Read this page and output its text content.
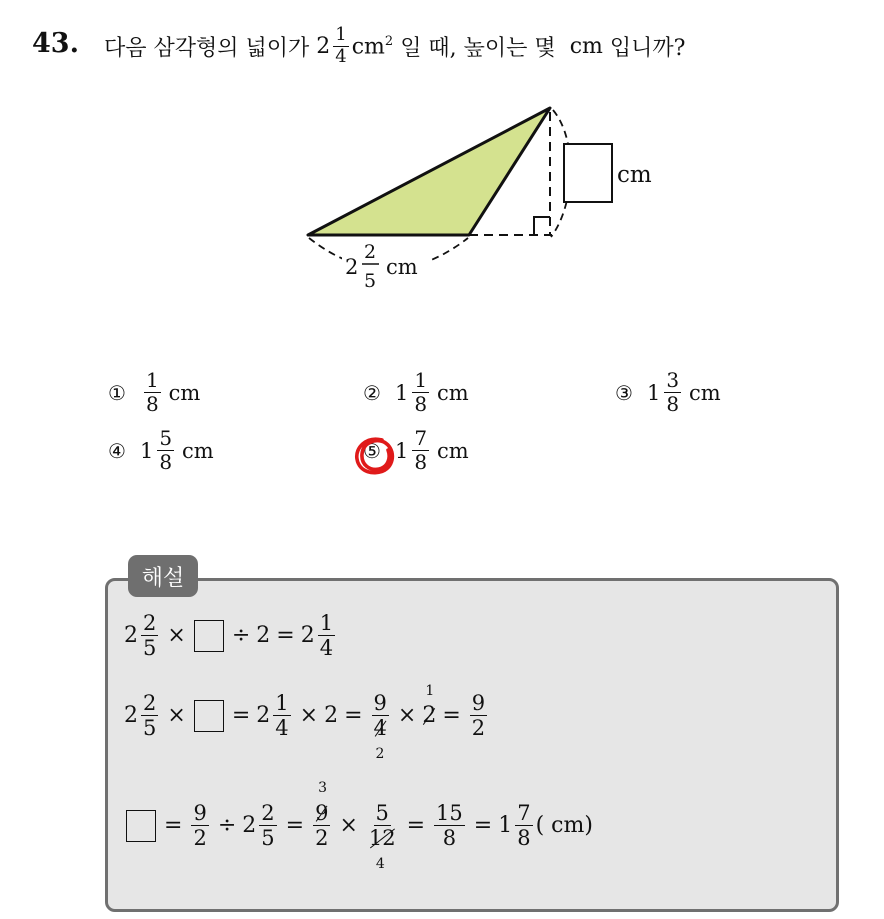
43. 다음 삼각형의 넓이가 $2 \frac{1}{4} cm^2$ 일 때, 높이는 몇 cm 입니까?
cm
2
2
5
cm
① $\frac{1}{8}$ cm	② $1 \frac{1}{8}$ cm	③ $1 \frac{3}{8}$ cm
④ $1 \frac{5}{8}$ cm	⑤ $1 \frac{7}{8}$ cm
해설
$2 \frac{2}{5}$ × ÷ $2 = 2 \frac{1}{4}$
$2 \frac{2}{5}$ × = $2 \frac{1}{4} \times 2$ =
9
4
2
×
1
$2 = \frac{9}{2}$
= $\frac{9}{2} \div 2 \frac{2}{5}$ =
3
9
2 ×
5
12
4
= $\frac{15}{8} = 1 \frac{7}{8}$ ( cm)
